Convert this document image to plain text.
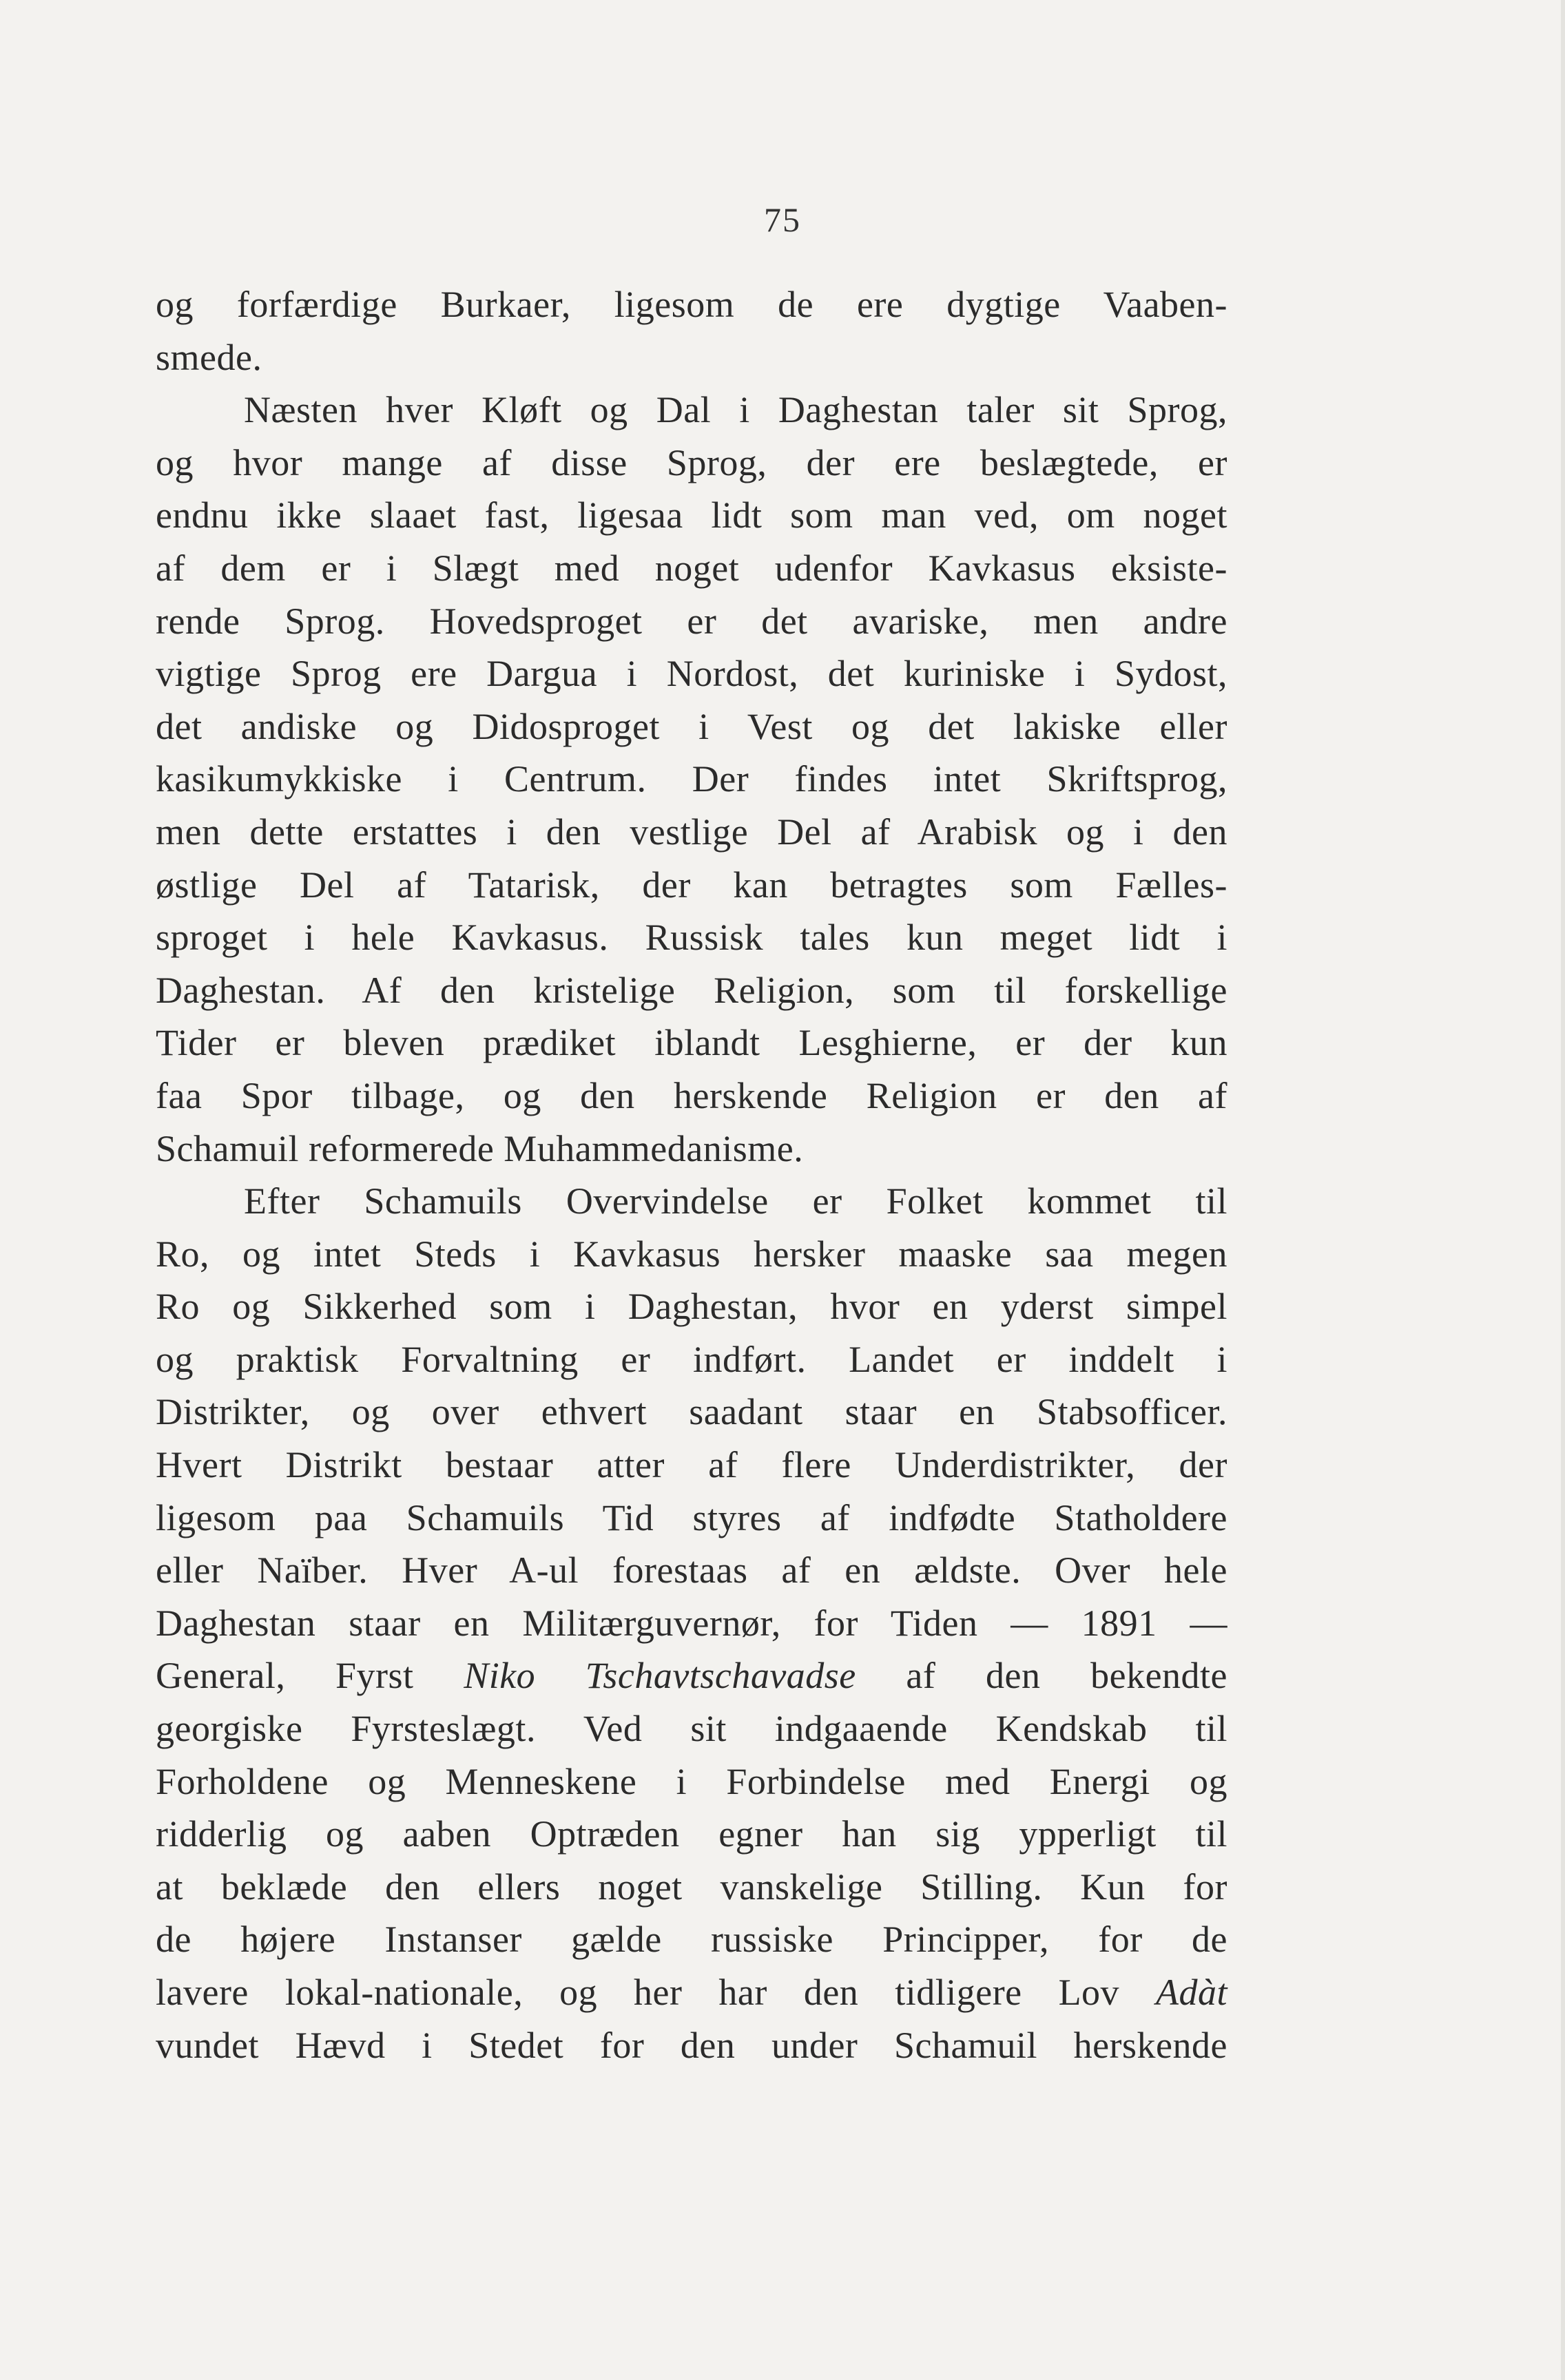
75
og forfærdige Burkaer, ligesom de ere dygtige Vaaben-
smede.
Næsten hver Kløft og Dal i Daghestan taler sit Sprog,
og hvor mange af disse Sprog, der ere beslægtede, er
endnu ikke slaaet fast, ligesaa lidt som man ved, om noget
af dem er i Slægt med noget udenfor Kavkasus eksiste-
rende Sprog. Hovedsproget er det avariske, men andre
vigtige Sprog ere Dargua i Nordost, det kuriniske i Sydost,
det andiske og Didosproget i Vest og det lakiske eller
kasikumykkiske i Centrum. Der findes intet Skriftsprog,
men dette erstattes i den vestlige Del af Arabisk og i den
østlige Del af Tatarisk, der kan betragtes som Fælles-
sproget i hele Kavkasus. Russisk tales kun meget lidt i
Daghestan. Af den kristelige Religion, som til forskellige
Tider er bleven prædiket iblandt Lesghierne, er der kun
faa Spor tilbage, og den herskende Religion er den af
Schamuil reformerede Muhammedanisme.
Efter Schamuils Overvindelse er Folket kommet til
Ro, og intet Steds i Kavkasus hersker maaske saa megen
Ro og Sikkerhed som i Daghestan, hvor en yderst simpel
og praktisk Forvaltning er indført. Landet er inddelt i
Distrikter, og over ethvert saadant staar en Stabsofficer.
Hvert Distrikt bestaar atter af flere Underdistrikter, der
ligesom paa Schamuils Tid styres af indfødte Statholdere
eller Naïber. Hver A-ul forestaas af en ældste. Over hele
Daghestan staar en Militærguvernør, for Tiden — 1891 —
General, Fyrst Niko Tschavtschavadse af den bekendte
georgiske Fyrsteslægt. Ved sit indgaaende Kendskab til
Forholdene og Menneskene i Forbindelse med Energi og
ridderlig og aaben Optræden egner han sig ypperligt til
at beklæde den ellers noget vanskelige Stilling. Kun for
de højere Instanser gælde russiske Principper, for de
lavere lokal-nationale, og her har den tidligere Lov Adàt
vundet Hævd i Stedet for den under Schamuil herskende
